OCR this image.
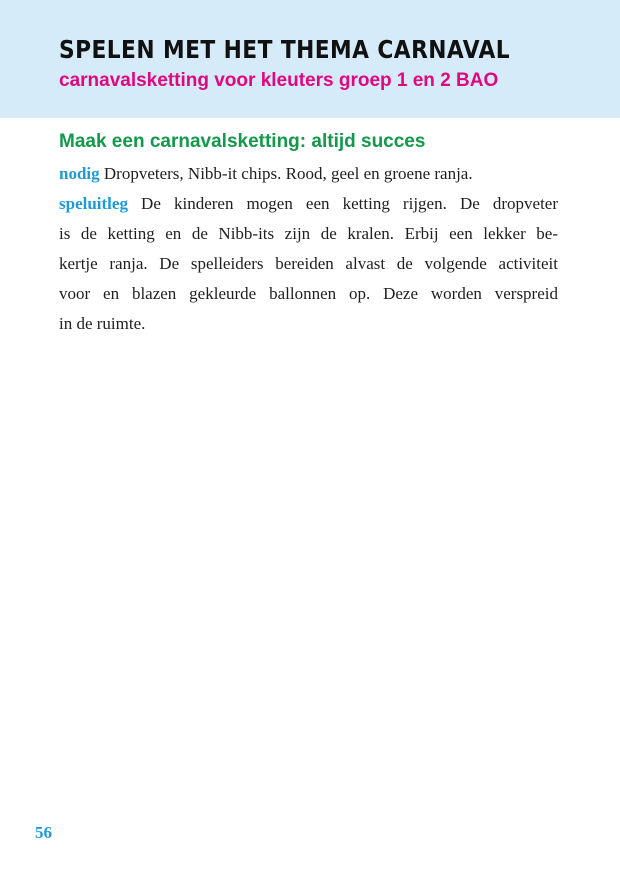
SPELEN MET HET THEMA CARNAVAL
carnavalsketting voor kleuters groep 1 en 2 BAO
Maak een carnavalsketting: altijd succes
nodig Dropveters, Nibb-it chips. Rood, geel en groene ranja.
speluitleg De kinderen mogen een ketting rijgen. De dropveter
is de ketting en de Nibb-its zijn de kralen. Erbij een lekker be-
kertje ranja. De spelleiders bereiden alvast de volgende activiteit
voor en blazen gekleurde ballonnen op. Deze worden verspreid
in de ruimte.
56
